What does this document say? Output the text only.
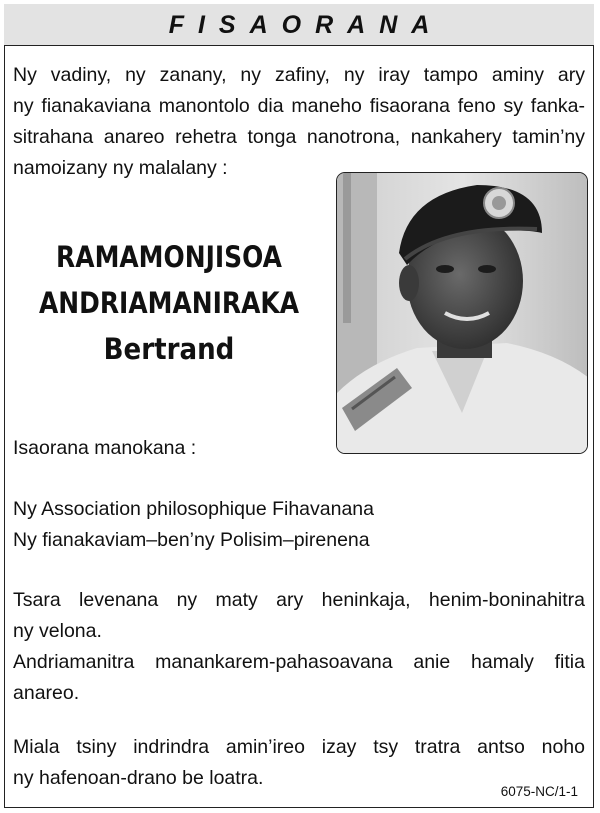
FISAORANA
Ny vadiny, ny zanany, ny zafiny, ny iray tampo aminy ary
ny fianakaviana manontolo dia maneho fisaorana feno sy fanka-
sitrahana anareo rehetra tonga nanotrona, nankahery tamin’ny
namoizany ny malalany :
RAMAMONJISOA
ANDRIAMANIRAKA
Bertrand
Isaorana manokana :
Ny Association philosophique Fihavanana
Ny fianakaviam–ben’ny Polisim–pirenena
Tsara levenana ny maty ary heninkaja, henim-boninahitra
ny velona.
Andriamanitra manankarem-pahasoavana anie hamaly fitia
anareo.
Miala tsiny indrindra amin’ireo izay tsy tratra antso noho
ny hafenoan-drano be loatra.
6075-NC/1-1
